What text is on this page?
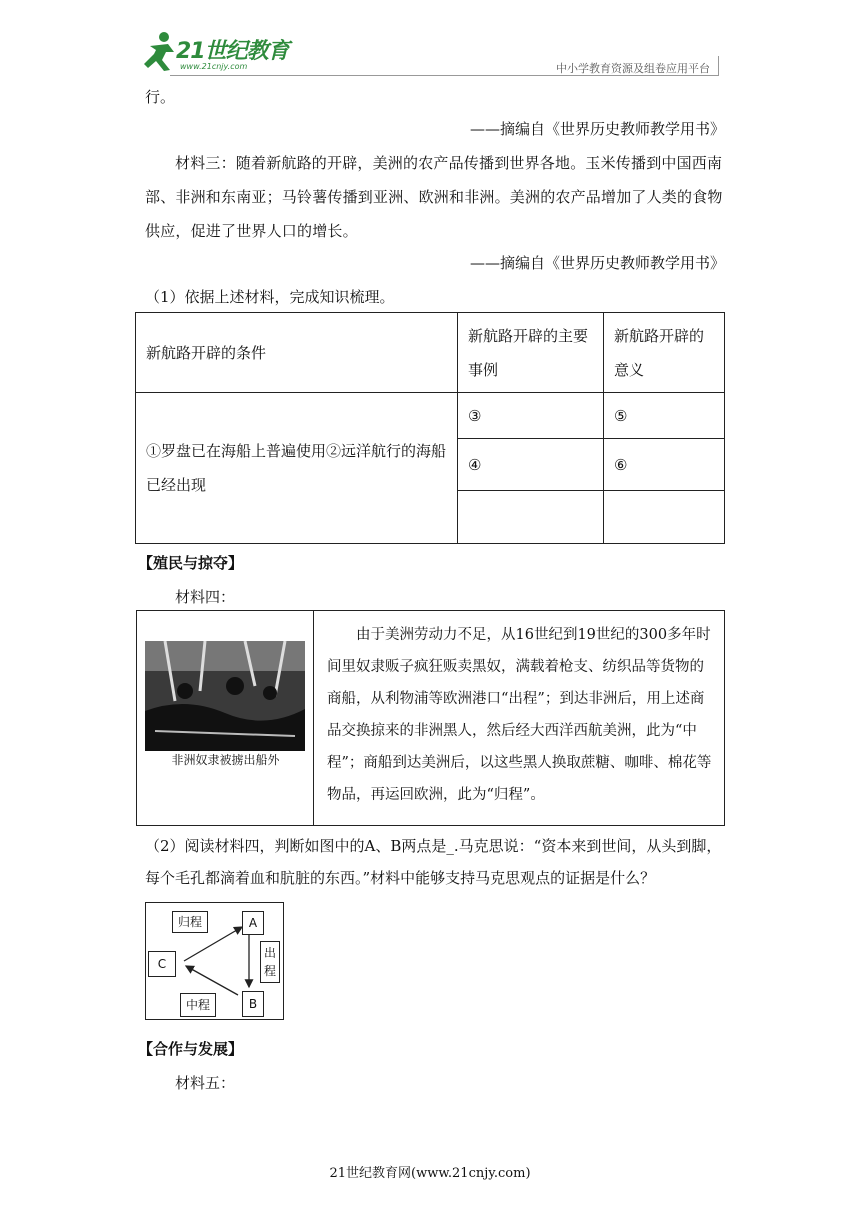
21世纪教育
www.21cnjy.com	中小学教育资源及组卷应用平台
行。
——摘编自《世界历史教师教学用书》
材料三：随着新航路的开辟，美洲的农产品传播到世界各地。玉米传播到中国西南部、非洲和东南亚；马铃薯传播到亚洲、欧洲和非洲。美洲的农产品增加了人类的食物供应，促进了世界人口的增长。
——摘编自《世界历史教师教学用书》
（1）依据上述材料，完成知识梳理。
新航路开辟的条件	新航路开辟的主要事例	新航路开辟的意义
①罗盘已在海船上普遍使用②远洋航行的海船已经出现	③	⑤
	④	⑥

【殖民与掠夺】
材料四：
非洲奴隶被掳出船外
由于美洲劳动力不足，从16世纪到19世纪的300多年时间里奴隶贩子疯狂贩卖黑奴，满载着枪支、纺织品等货物的商船，从利物浦等欧洲港口“出程”；到达非洲后，用上述商品交换掠来的非洲黑人，然后经大西洋西航美洲，此为“中程”；商船到达美洲后，以这些黑人换取蔗糖、咖啡、棉花等物品，再运回欧洲，此为“归程”。
（2）阅读材料四，判断如图中的A、B两点是_.马克思说：“资本来到世间，从头到脚，每个毛孔都滴着血和肮脏的东西。”材料中能够支持马克思观点的证据是什么？
归程	A
出
程
C
中程	B
【合作与发展】
材料五：
21世纪教育网(www.21cnjy.com)
